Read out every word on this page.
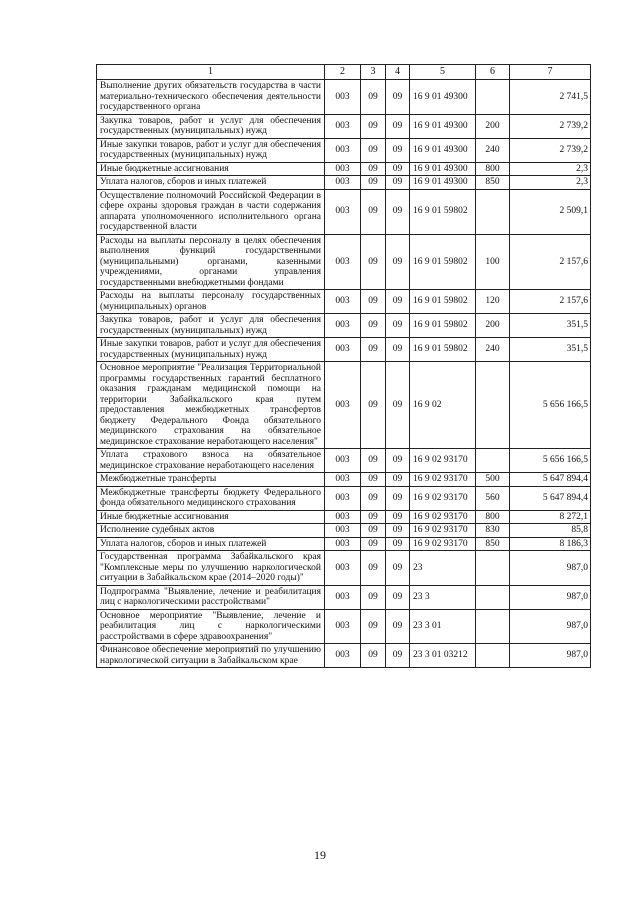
1	2	3	4	5	6	7
Выполнение других обязательств государства в части материально-технического обеспечения деятельности государственного органа	003	09	09	16 9 01 49300		2 741,5
Закупка товаров, работ и услуг для обеспечения государственных (муниципальных) нужд	003	09	09	16 9 01 49300	200	2 739,2
Иные закупки товаров, работ и услуг для обеспечения государственных (муниципальных) нужд	003	09	09	16 9 01 49300	240	2 739,2
Иные бюджетные ассигнования	003	09	09	16 9 01 49300	800	2,3
Уплата налогов, сборов и иных платежей	003	09	09	16 9 01 49300	850	2,3
Осуществление полномочий Российской Федерации в сфере охраны здоровья граждан в части содержания аппарата уполномоченного исполнительного органа государственной власти	003	09	09	16 9 01 59802		2 509,1
Расходы на выплаты персоналу в целях обеспечения выполнения функций государственными (муниципальными) органами, казенными учреждениями, органами управления государственными внебюджетными фондами	003	09	09	16 9 01 59802	100	2 157,6
Расходы на выплаты персоналу государственных (муниципальных) органов	003	09	09	16 9 01 59802	120	2 157,6
Закупка товаров, работ и услуг для обеспечения государственных (муниципальных) нужд	003	09	09	16 9 01 59802	200	351,5
Иные закупки товаров, работ и услуг для обеспечения государственных (муниципальных) нужд	003	09	09	16 9 01 59802	240	351,5
Основное мероприятие "Реализация Территориальной программы государственных гарантий бесплатного оказания гражданам медицинской помощи на территории Забайкальского края путем предоставления межбюджетных трансфертов бюджету Федерального Фонда обязательного медицинского страхования на обязательное медицинское страхование неработающего населения"	003	09	09	16 9 02		5 656 166,5
Уплата страхового взноса на обязательное медицинское страхование неработающего населения	003	09	09	16 9 02 93170		5 656 166,5
Межбюджетные трансферты	003	09	09	16 9 02 93170	500	5 647 894,4
Межбюджетные трансферты бюджету Федерального фонда обязательного медицинского страхования	003	09	09	16 9 02 93170	560	5 647 894,4
Иные бюджетные ассигнования	003	09	09	16 9 02 93170	800	8 272,1
Исполнение судебных актов	003	09	09	16 9 02 93170	830	85,8
Уплата налогов, сборов и иных платежей	003	09	09	16 9 02 93170	850	8 186,3
Государственная программа Забайкальского края "Комплексные меры по улучшению наркологической ситуации в Забайкальском крае (2014–2020 годы)"	003	09	09	23		987,0
Подпрограмма "Выявление, лечение и реабилитация лиц с наркологическими расстройствами"	003	09	09	23 3		987,0
Основное мероприятие "Выявление, лечение и реабилитация лиц с наркологическими расстройствами в сфере здравоохранения"	003	09	09	23 3 01		987,0
Финансовое обеспечение мероприятий по улучшению наркологической ситуации в Забайкальском крае	003	09	09	23 3 01 03212		987,0
19
